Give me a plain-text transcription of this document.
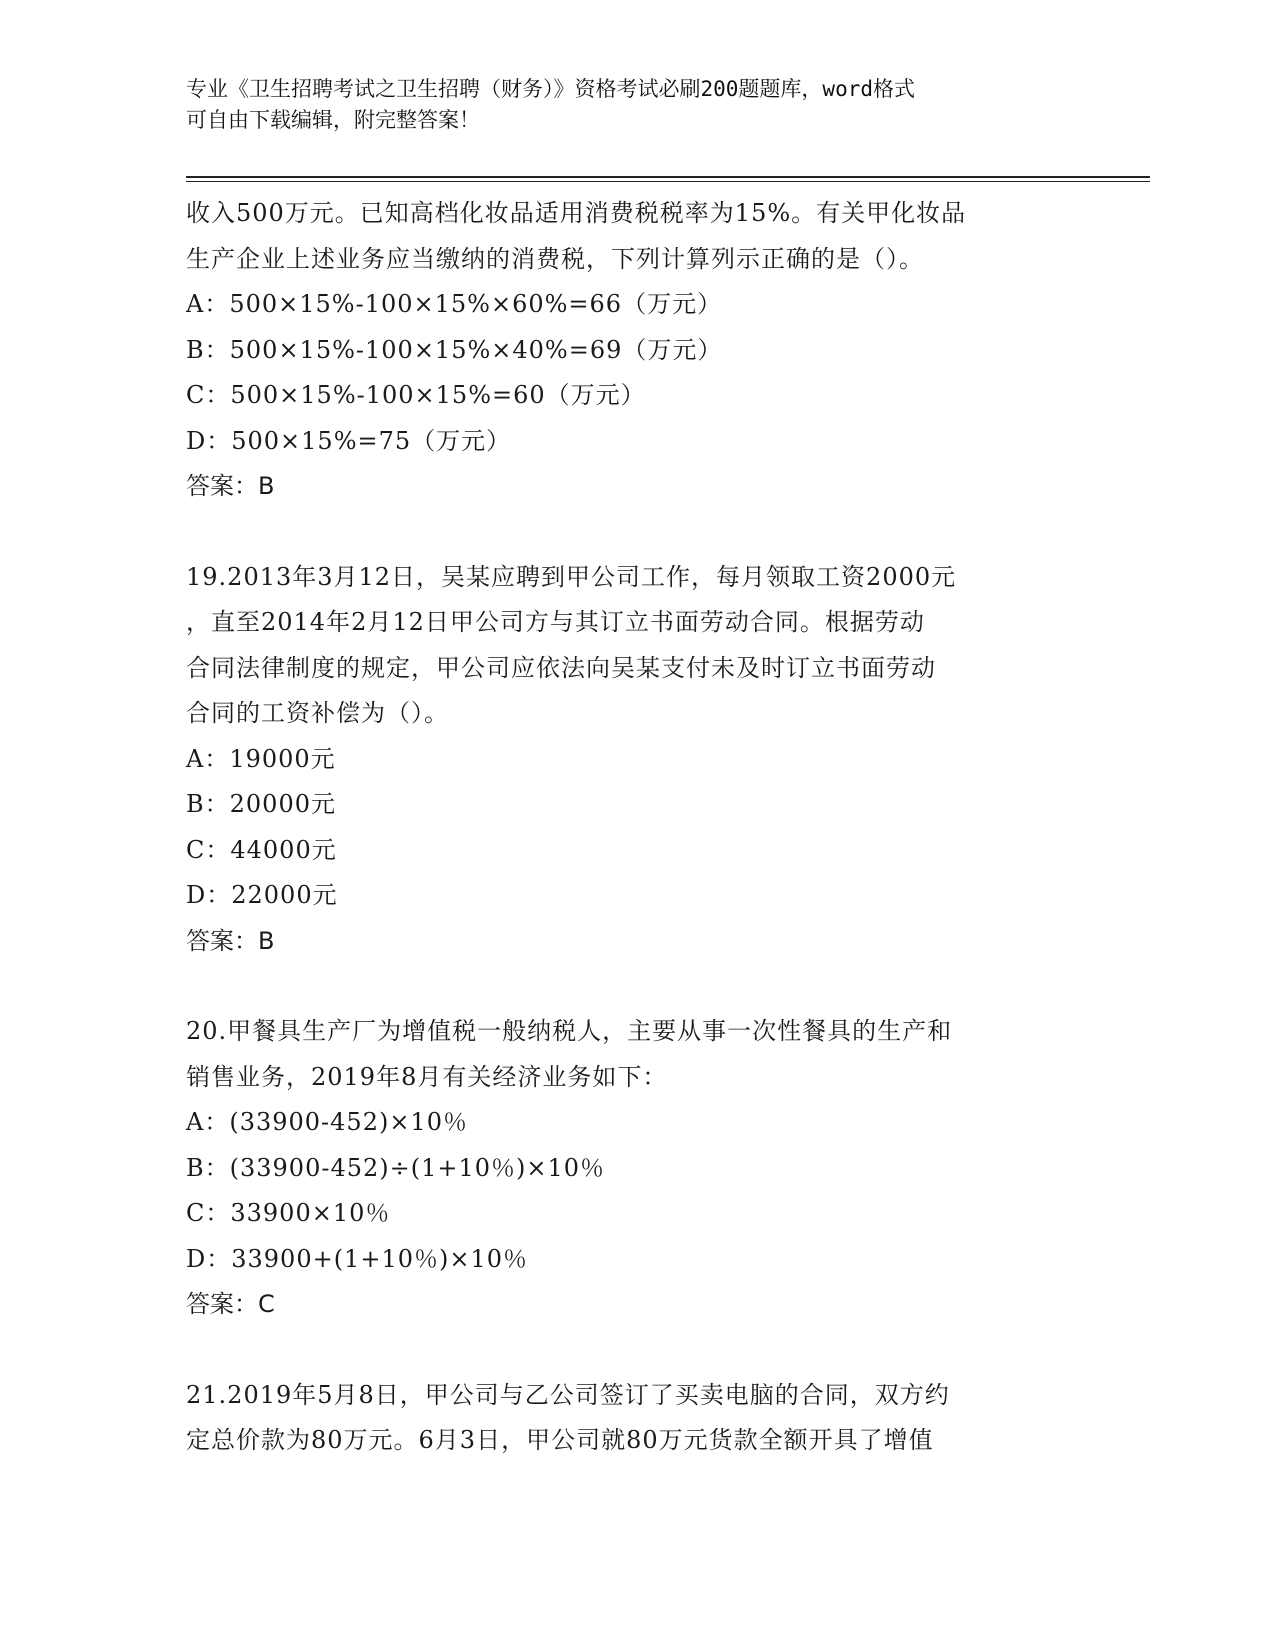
专业《卫生招聘考试之卫生招聘（财务）》资格考试必刷200题题库，word格式
可自由下载编辑，附完整答案！
收入500万元。已知高档化妆品适用消费税税率为15%。有关甲化妆品
生产企业上述业务应当缴纳的消费税，下列计算列示正确的是（）。
A：500×15%-100×15%×60%=66（万元）
B：500×15%-100×15%×40%=69（万元）
C：500×15%-100×15%=60（万元）
D：500×15%=75（万元）
答案：B
19.2013年3月12日，吴某应聘到甲公司工作，每月领取工资2000元
，直至2014年2月12日甲公司方与其订立书面劳动合同。根据劳动
合同法律制度的规定，甲公司应依法向吴某支付未及时订立书面劳动
合同的工资补偿为（）。
A：19000元
B：20000元
C：44000元
D：22000元
答案：B
20.甲餐具生产厂为增值税一般纳税人，主要从事一次性餐具的生产和
销售业务，2019年8月有关经济业务如下：
A：(33900-452)×10％
B：(33900-452)÷(1+10％)×10％
C：33900×10％
D：33900+(1+10％)×10％
答案：C
21.2019年5月8日，甲公司与乙公司签订了买卖电脑的合同，双方约
定总价款为80万元。6月3日，甲公司就80万元货款全额开具了增值
